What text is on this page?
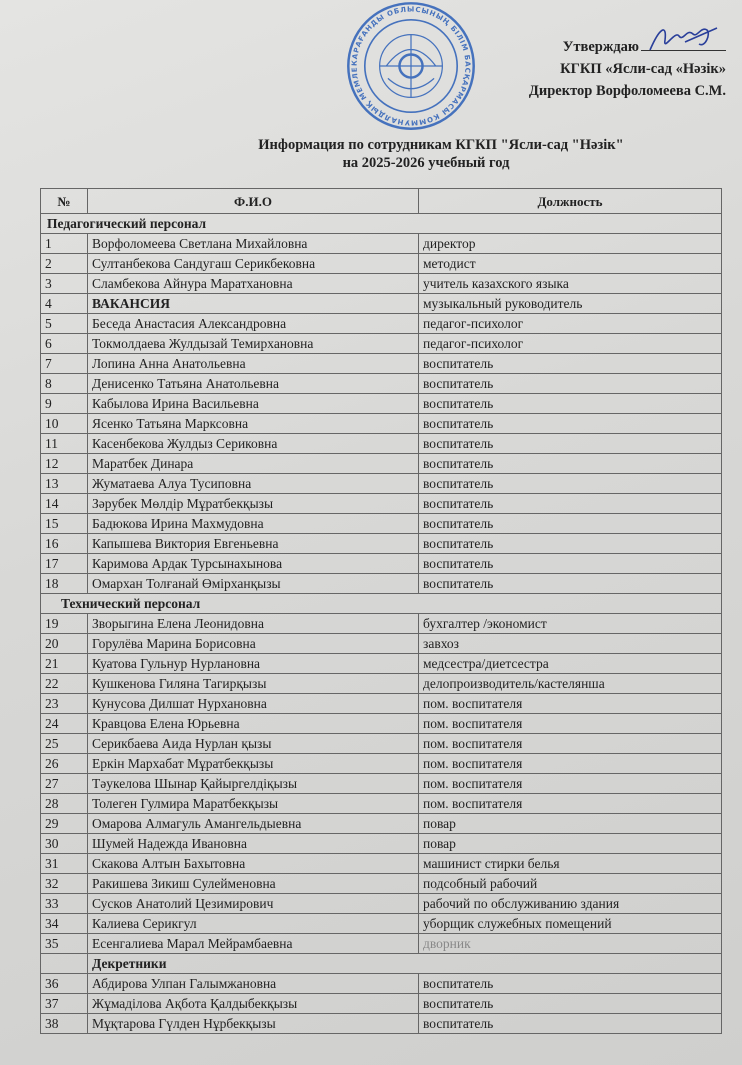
Утверждаю
КГКП «Ясли-сад «Нәзік»
Директор Ворфоломеева С.М.
КАРАҒАНДЫ ОБЛЫСЫНЫҢ БІЛІМ БАСҚАРМАСЫ КОММУНАЛДЫҚ МЕМЛЕ
Информация по сотрудникам КГКП "Ясли-сад "Нәзік"
на 2025-2026 учебный год
№	Ф.И.О	Должность
Педагогический персонал		
1	Ворфоломеева Светлана Михайловна	директор
2	Султанбекова Сандугаш Серикбековна	методист
3	Сламбекова Айнура Маратхановна	учитель казахского языка
4	ВАКАНСИЯ	музыкальный руководитель
5	Беседа Анастасия Александровна	педагог-психолог
6	Токмолдаева Жулдызай Темирхановна	педагог-психолог
7	Лопина Анна Анатольевна	воспитатель
8	Денисенко Татьяна Анатольевна	воспитатель
9	Кабылова Ирина Васильевна	воспитатель
10	Ясенко Татьяна Марксовна	воспитатель
11	Касенбекова Жулдыз Сериковна	воспитатель
12	Маратбек Динара	воспитатель
13	Жуматаева Алуа Тусиповна	воспитатель
14	Зәрубек Мөлдір Мұратбекқызы	воспитатель
15	Бадюкова Ирина Махмудовна	воспитатель
16	Капышева Виктория Евгеньевна	воспитатель
17	Каримова Ардак Турсынахынова	воспитатель
18	Омархан Толғанай Өмірханқызы	воспитатель
Технический персонал		
19	Зворыгина Елена Леонидовна	бухгалтер /экономист
20	Горулёва Марина Борисовна	завхоз
21	Куатова Гульнур Нурлановна	медсестра/диетсестра
22	Кушкенова Гиляна Тагирқызы	делопроизводитель/кастелянша
23	Кунусова Дилшат Нурхановна	пом. воспитателя
24	Кравцова Елена Юрьевна	пом. воспитателя
25	Серикбаева Аида Нурлан қызы	пом. воспитателя
26	Еркін Мархабат Мұратбекқызы	пом. воспитателя
27	Тәукелова Шынар Қайыргелдіқызы	пом. воспитателя
28	Толеген Гулмира Маратбекқызы	пом. воспитателя
29	Омарова Алмагуль Амангельдыевна	повар
30	Шумей Надежда Ивановна	повар
31	Скакова Алтын Бахытовна	машинист стирки белья
32	Ракишева Зикиш Сулейменовна	подсобный рабочий
33	Сусков Анатолий Цезимирович	рабочий по обслуживанию здания
34	Калиева Серикгул	уборщик служебных помещений
35	Есенгалиева Марал Мейрамбаевна	дворник
	Декретники	
36	Абдирова Улпан Галымжановна	воспитатель
37	Жұмаділова Ақбота Қалдыбекқызы	воспитатель
38	Мұқтарова Гүлден Нұрбекқызы	воспитатель
